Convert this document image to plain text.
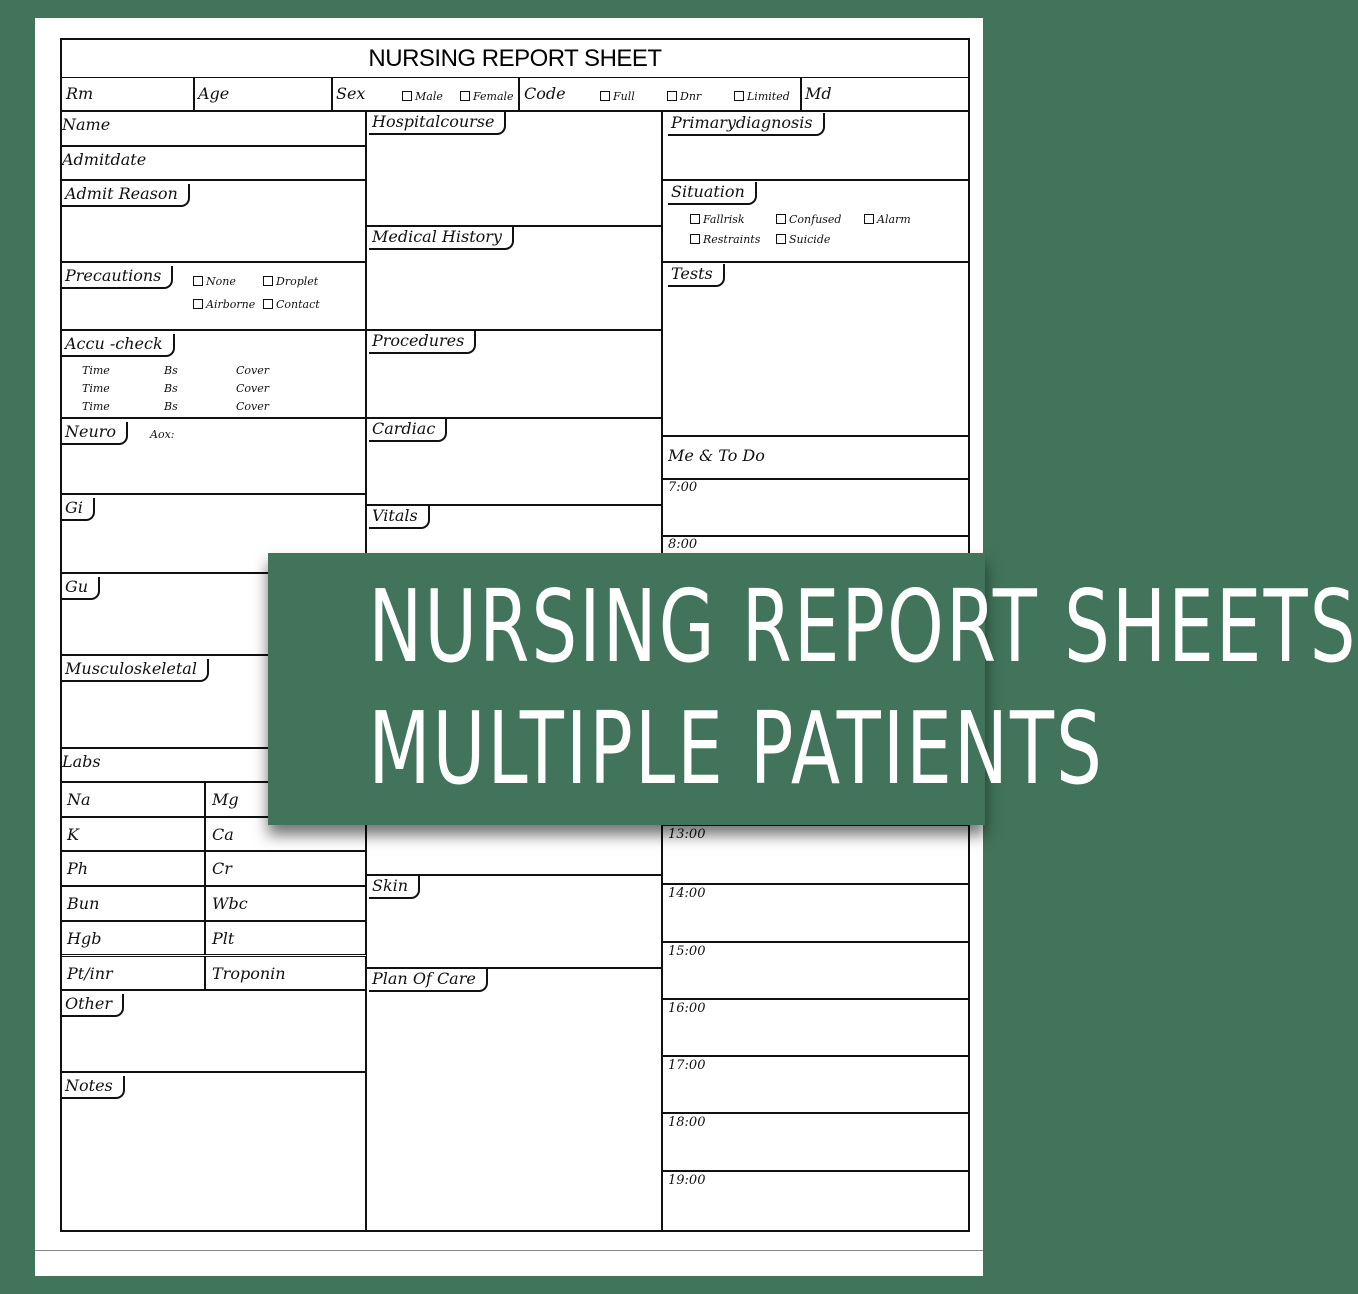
NURSING REPORT SHEET
Rm	Age	Sex	Male	Female Code	Full	Dnr	Limited Md
Name
Admitdate
Admit Reason
Precautions
Accu -check
Neuro
Gi
Gu
Musculoskeletal
Labs
Other
Notes
Na	Mg
K	Ca
Ph	Cr
Bun	Wbc
Hgb	Plt
Pt/inr	Troponin
None	Droplet
Airborne	Contact
Time	Bs	Cover
Time	Bs	Cover
Time	Bs	Cover
Aox:
Hospitalcourse
Medical History
Procedures
Cardiac
Vitals
Skin
Plan Of Care
Primarydiagnosis
Situation
Tests
Me & To Do
Fallrisk	Confused	Alarm
Restraints	Suicide
7:00
8:00
13:00
14:00
15:00
16:00
17:00
18:00
19:00
NURSING REPORT SHEETS
MULTIPLE PATIENTS
